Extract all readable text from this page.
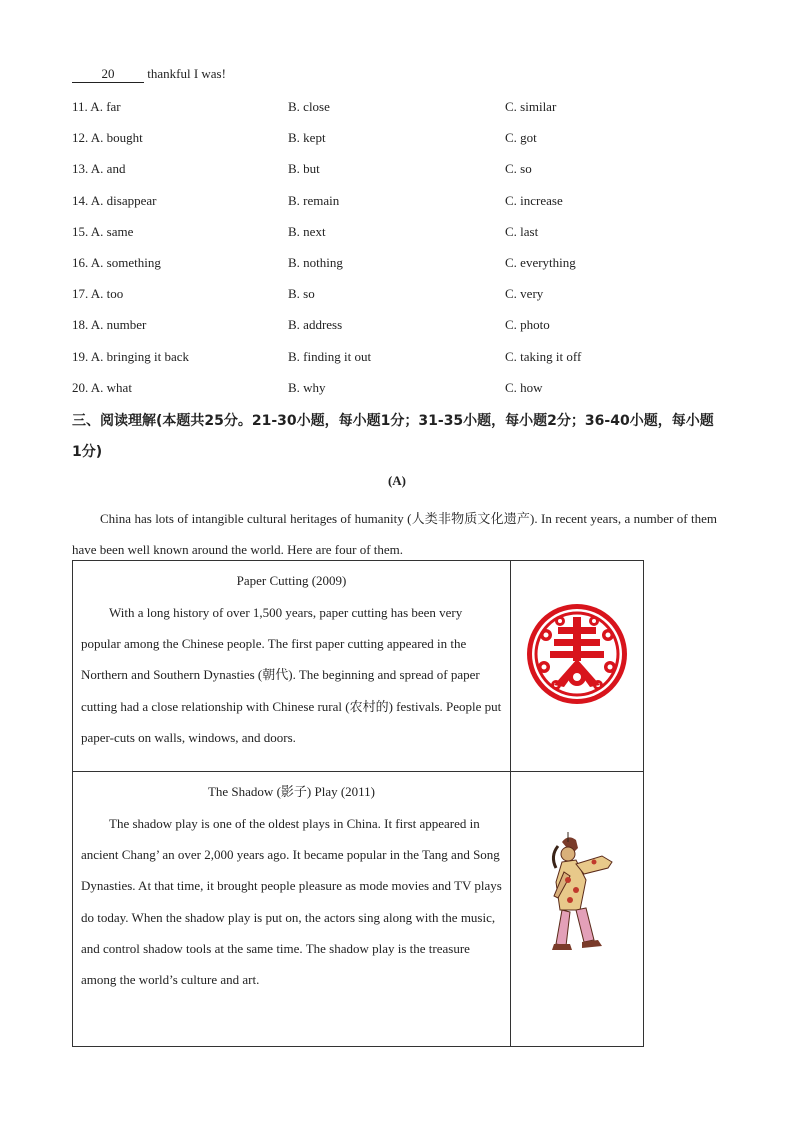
20	thankful I was!
11. A. far	B. close	C. similar
12. A. bought	B. kept	C. got
13. A. and	B. but	C. so
14. A. disappear	B. remain	C. increase
15. A. same	B. next	C. last
16. A. something	B. nothing	C. everything
17. A. too	B. so	C. very
18. A. number	B. address	C. photo
19. A. bringing it back	B. finding it out	C. taking it off
20. A. what	B. why	C. how
三、阅读理解(本题共25分。21-30小题，每小题1分；31-35小题，每小题2分；36-40小题，每小题1分)
(A)
China has lots of intangible cultural heritages of humanity (人类非物质文化遗产). In recent years, a number of them have been well known around the world. Here are four of them.
Paper Cutting (2009)
With a long history of over 1,500 years, paper cutting has been very popular among the Chinese people. The first paper cutting appeared in the Northern and Southern Dynasties (朝代). The beginning and spread of paper cutting had a close relationship with Chinese rural (农村的) festivals. People put paper-cuts on walls, windows, and doors.

The Shadow (影子) Play (2011)
The shadow play is one of the oldest plays in China. It first appeared in ancient Chang’ an over 2,000 years ago. It became popular in the Tang and Song Dynasties. At that time, it brought people pleasure as mode movies and TV plays do today. When the shadow play is put on, the actors sing along with the music, and control shadow tools at the same time. The shadow play is the treasure among the world’s culture and art.
